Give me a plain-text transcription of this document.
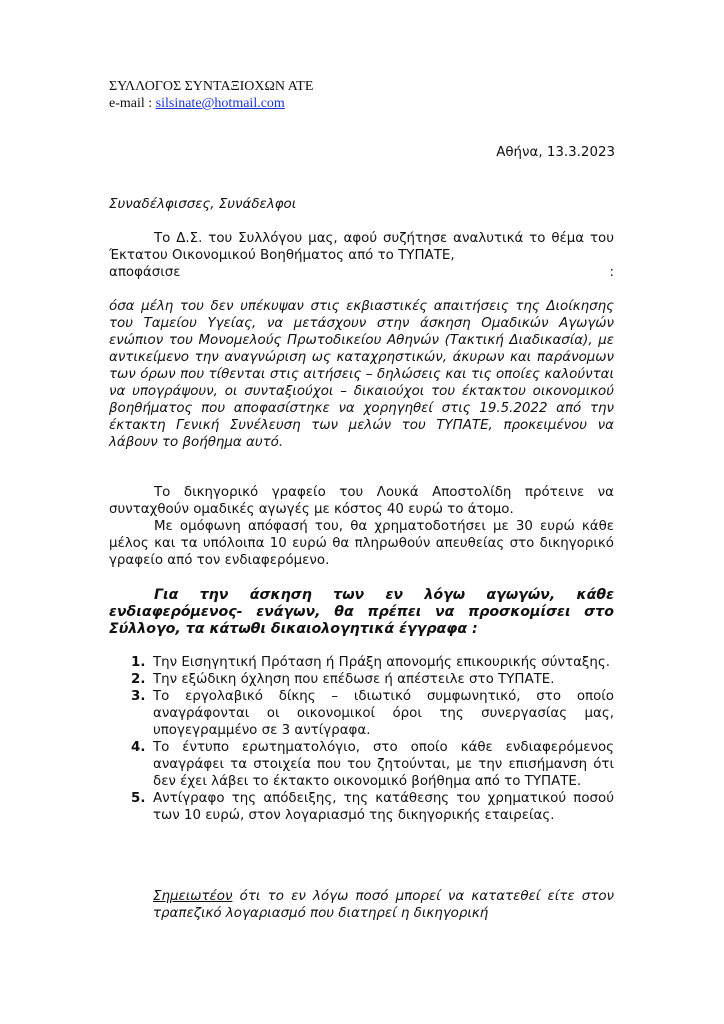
ΣΥΛΛΟΓΟΣ ΣΥΝΤΑΞΙΟΧΩΝ ΑΤΕ
e-mail : silsinate@hotmail.com
Αθήνα, 13.3.2023
Συναδέλφισσες, Συνάδελφοι
Το Δ.Σ. του Συλλόγου μας, αφού συζήτησε αναλυτικά το θέμα του Έκτατου Οικονομικού Βοηθήματος από το ΤΥΠΑΤΕ,
αποφάσισε	:
όσα μέλη του δεν υπέκυψαν στις εκβιαστικές απαιτήσεις της Διοίκησης του Ταμείου Υγείας, να μετάσχουν στην άσκηση Ομαδικών Αγωγών ενώπιον του Μονομελούς Πρωτοδικείου Αθηνών (Τακτική Διαδικασία), με αντικείμενο την αναγνώριση ως καταχρηστικών, άκυρων και παράνομων των όρων που τίθενται στις αιτήσεις – δηλώσεις και τις οποίες καλούνται να υπογράψουν, οι συνταξιούχοι – δικαιούχοι του έκτακτου οικονομικού βοηθήματος που αποφασίστηκε να χορηγηθεί στις 19.5.2022 από την έκτακτη Γενική Συνέλευση των μελών του ΤΥΠΑΤΕ, προκειμένου να λάβουν το βοήθημα αυτό.
Το δικηγορικό γραφείο του Λουκά Αποστολίδη πρότεινε να συνταχθούν ομαδικές αγωγές με κόστος 40 ευρώ το άτομο.
Με ομόφωνη απόφασή του, θα χρηματοδοτήσει με 30 ευρώ κάθε μέλος και τα υπόλοιπα 10 ευρώ θα πληρωθούν απευθείας στο δικηγορικό γραφείο από τον ενδιαφερόμενο.
Για την άσκηση των εν λόγω αγωγών, κάθε ενδιαφερόμενος- ενάγων, θα πρέπει να προσκομίσει στο Σύλλογο, τα κάτωθι δικαιολογητικά έγγραφα :
1. Την Εισηγητική Πρόταση ή Πράξη απονομής επικουρικής σύνταξης.
2. Την εξώδικη όχληση που επέδωσε ή απέστειλε στο ΤΥΠΑΤΕ.
3. Το εργολαβικό δίκης – ιδιωτικό συμφωνητικό, στο οποίο αναγράφονται οι οικονομικοί όροι της συνεργασίας μας, υπογεγραμμένο σε 3 αντίγραφα.
4. Το έντυπο ερωτηματολόγιο, στο οποίο κάθε ενδιαφερόμενος αναγράφει τα στοιχεία που του ζητούνται, με την επισήμανση ότι δεν έχει λάβει το έκτακτο οικονομικό βοήθημα από το ΤΥΠΑΤΕ.
5. Αντίγραφο της απόδειξης, της κατάθεσης του χρηματικού ποσού των 10 ευρώ, στον λογαριασμό της δικηγορικής εταιρείας.
Σημειωτέον ότι το εν λόγω ποσό μπορεί να κατατεθεί είτε στον τραπεζικό λογαριασμό που διατηρεί η δικηγορική
